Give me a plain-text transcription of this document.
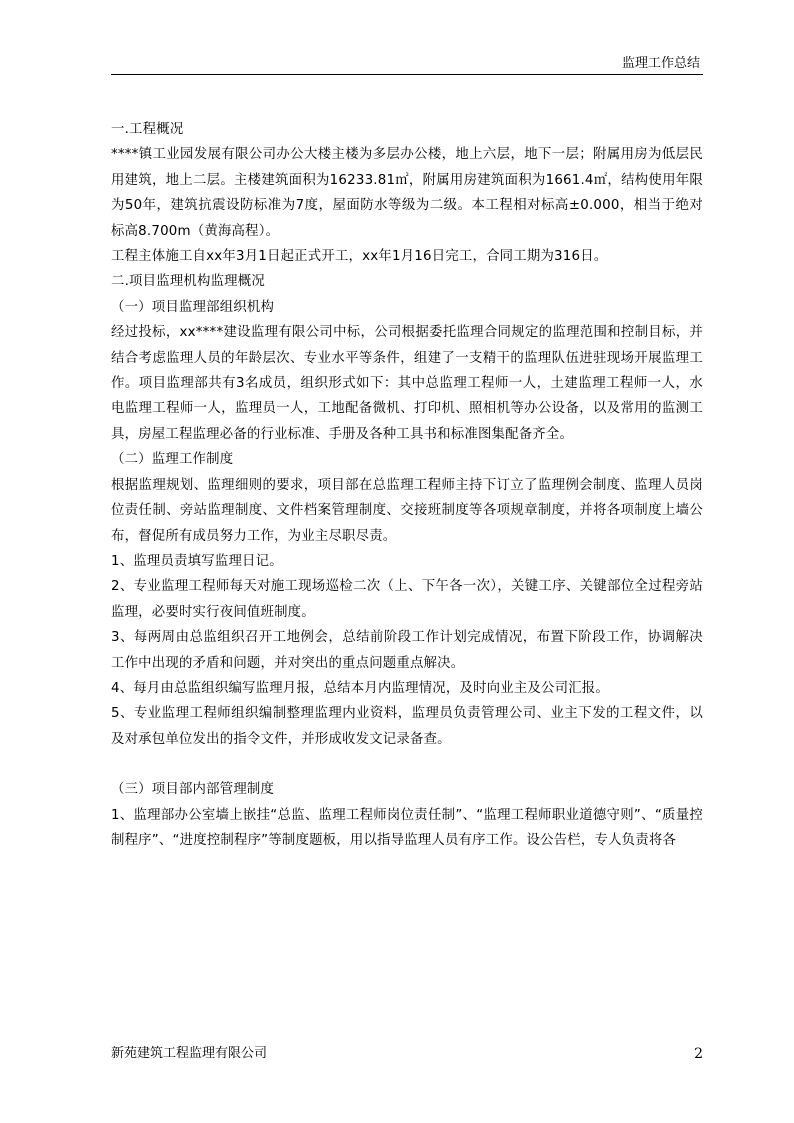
监理工作总结

一.工程概况

****镇工业园发展有限公司办公大楼主楼为多层办公楼，地上六层，地下一层；附属用房为低层民用建筑，地上二层。主楼建筑面积为16233.81㎡，附属用房建筑面积为1661.4㎡，结构使用年限为50年，建筑抗震设防标准为7度，屋面防水等级为二级。本工程相对标高±0.000，相当于绝对标高8.700m（黄海高程）。

工程主体施工自xx年3月1日起正式开工，xx年1月16日完工，合同工期为316日。

二.项目监理机构监理概况

（一）项目监理部组织机构

经过投标，xx****建设监理有限公司中标，公司根据委托监理合同规定的监理范围和控制目标，并结合考虑监理人员的年龄层次、专业水平等条件，组建了一支精干的监理队伍进驻现场开展监理工作。项目监理部共有3名成员，组织形式如下：其中总监理工程师一人，土建监理工程师一人，水电监理工程师一人，监理员一人，工地配备微机、打印机、照相机等办公设备，以及常用的监测工具，房屋工程监理必备的行业标准、手册及各种工具书和标准图集配备齐全。

（二）监理工作制度

根据监理规划、监理细则的要求，项目部在总监理工程师主持下订立了监理例会制度、监理人员岗位责任制、旁站监理制度、文件档案管理制度、交接班制度等各项规章制度，并将各项制度上墙公布，督促所有成员努力工作，为业主尽职尽责。

1、监理员责填写监理日记。

2、专业监理工程师每天对施工现场巡检二次（上、下午各一次），关键工序、关键部位全过程旁站监理，必要时实行夜间值班制度。

3、每两周由总监组织召开工地例会，总结前阶段工作计划完成情况，布置下阶段工作，协调解决工作中出现的矛盾和问题，并对突出的重点问题重点解决。

4、每月由总监组织编写监理月报，总结本月内监理情况，及时向业主及公司汇报。

5、专业监理工程师组织编制整理监理内业资料，监理员负责管理公司、业主下发的工程文件，以及对承包单位发出的指令文件，并形成收发文记录备查。

（三）项目部内部管理制度

1、监理部办公室墙上嵌挂“总监、监理工程师岗位责任制”、“监理工程师职业道德守则”、“质量控制程序”、“进度控制程序”等制度题板，用以指导监理人员有序工作。设公告栏，专人负责将各

新苑建筑工程监理有限公司	2
